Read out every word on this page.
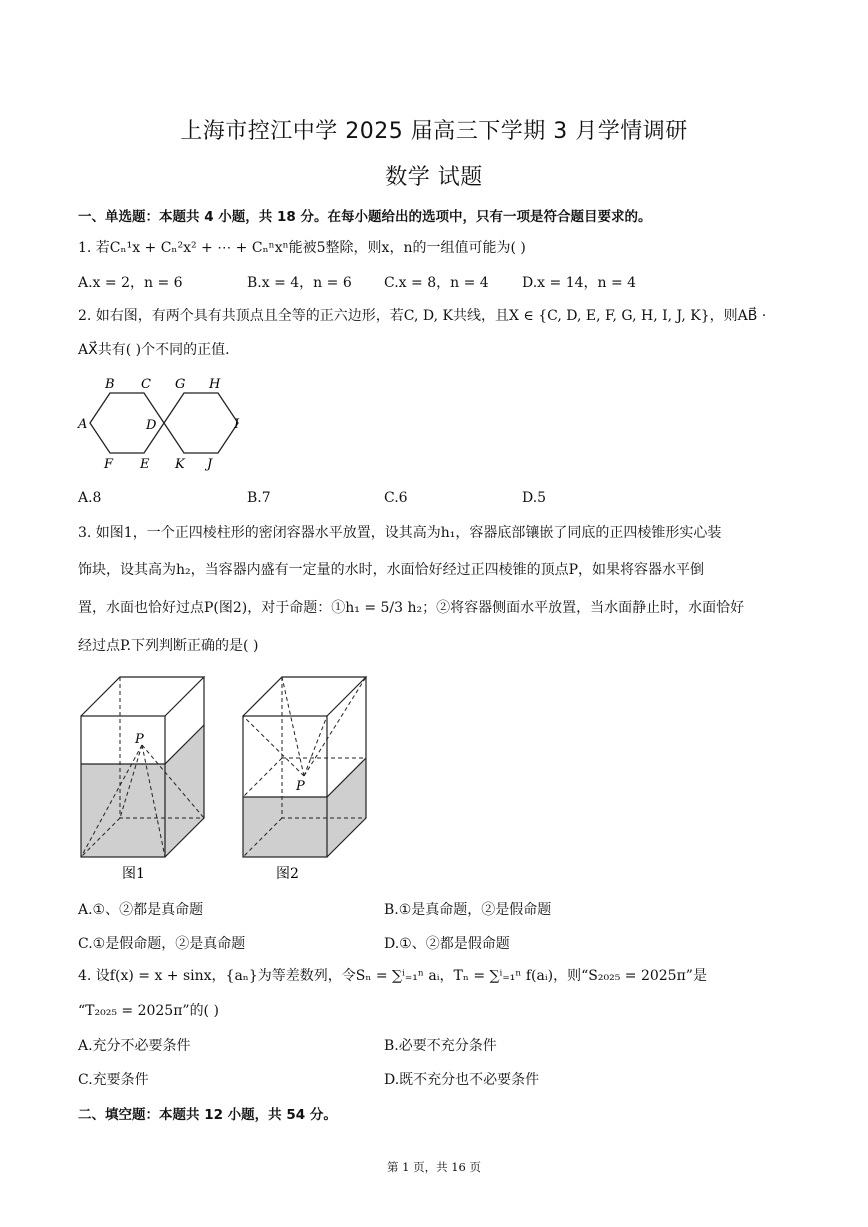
上海市控江中学 2025 届高三下学期 3 月学情调研
数学 试题
一、单选题：本题共 4 小题，共 18 分。在每小题给出的选项中，只有一项是符合题目要求的。
1. 若Cₙ¹x + Cₙ²x² + ⋯ + Cₙⁿxⁿ能被5整除，则x，n的一组值可能为( )
A.x = 2，n = 6	B.x = 4，n = 6 C.x = 8，n = 4 D.x = 14，n = 4
2. 如右图，有两个具有共顶点且全等的正六边形，若C, D, K共线，且X ∈ {C, D, E, F, G, H, I, J, K}，则AB⃗ ·
AX⃗共有( )个不同的正值.
B C G H
A	D	I
F E K J
A.8	B.7	C.6	D.5
3. 如图1，一个正四棱柱形的密闭容器水平放置，设其高为h₁，容器底部镶嵌了同底的正四棱锥形实心装
饰块，设其高为h₂，当容器内盛有一定量的水时，水面恰好经过正四棱锥的顶点P，如果将容器水平倒
置，水面也恰好过点P(图2)，对于命题：①h₁ = 5/3 h₂；②将容器侧面水平放置，当水面静止时，水面恰好
经过点P.下列判断正确的是( )
P
图1
P
图2
A.①、②都是真命题	B.①是真命题，②是假命题
C.①是假命题，②是真命题	D.①、②都是假命题
4. 设f(x) = x + sinx，{aₙ}为等差数列，令Sₙ = ∑ⁱ₌₁ⁿ aᵢ，Tₙ = ∑ⁱ₌₁ⁿ f(aᵢ)，则“S₂₀₂₅ = 2025π”是
“T₂₀₂₅ = 2025π”的( )
A.充分不必要条件	B.必要不充分条件
C.充要条件	D.既不充分也不必要条件
二、填空题：本题共 12 小题，共 54 分。
第 1 页，共 16 页
